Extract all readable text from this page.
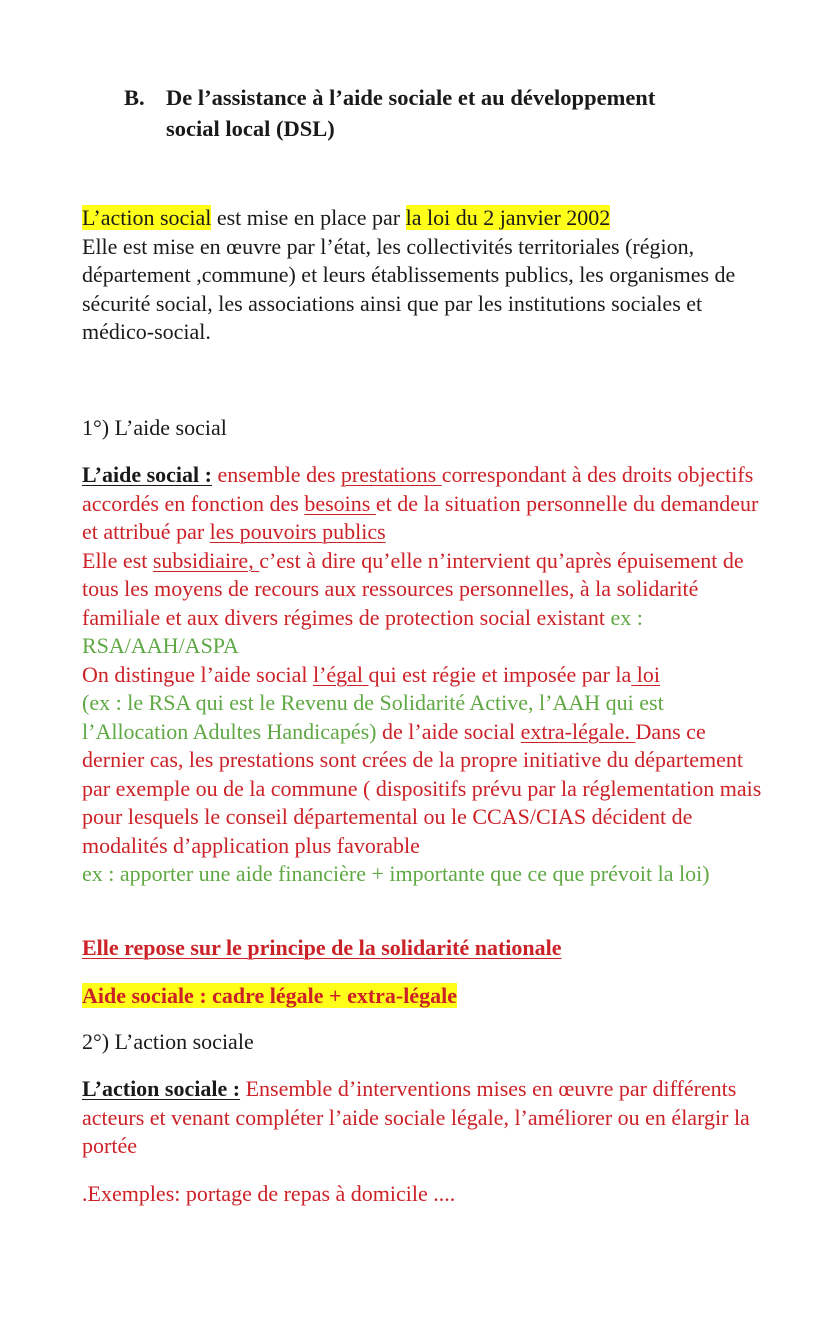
B. De l’assistance à l’aide sociale et au développement
social local (DSL)

L’action social est mise en place par la loi du 2 janvier 2002

Elle est mise en œuvre par l’état, les collectivités territoriales (région, département ,commune) et leurs établissements publics, les organismes de sécurité social, les associations ainsi que par les institutions sociales et médico-social.

1°) L’aide social

L’aide social : ensemble des prestations correspondant à des droits objectifs accordés en fonction des besoins et de la situation personnelle du demandeur et attribué par les pouvoirs publics

Elle est subsidiaire, c’est à dire qu’elle n’intervient qu’après épuisement de tous les moyens de recours aux ressources personnelles, à la solidarité familiale et aux divers régimes de protection social existant ex : RSA/AAH/ASPA

On distingue l’aide social l’égal qui est régie et imposée par la loi
(ex : le RSA qui est le Revenu de Solidarité Active, l’AAH qui est l’Allocation Adultes Handicapés) de l’aide social extra-légale. Dans ce dernier cas, les prestations sont crées de la propre initiative du département par exemple ou de la commune ( dispositifs prévu par la réglementation mais pour lesquels le conseil départemental ou le CCAS/CIAS décident de modalités d’application plus favorable
ex : apporter une aide financière + importante que ce que prévoit la loi)

Elle repose sur le principe de la solidarité nationale
Aide sociale : cadre légale + extra-légale
2°) L’action sociale

L’action sociale : Ensemble d’interventions mises en œuvre par différents acteurs et venant compléter l’aide sociale légale, l’améliorer ou en élargir la portée

.Exemples: portage de repas à domicile ....
